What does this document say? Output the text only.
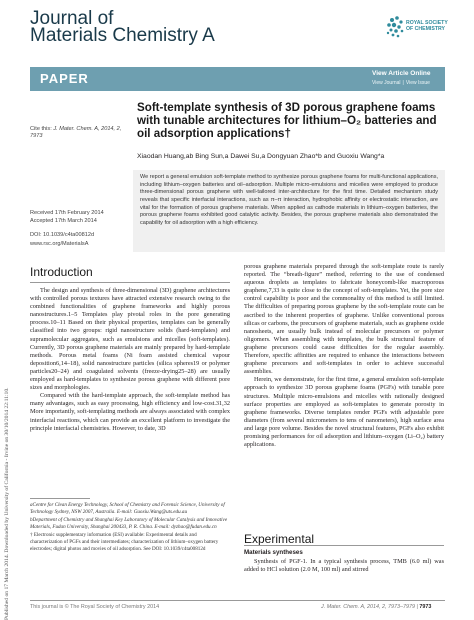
Published on 17 March 2014. Downloaded by University of California - Irvine on 30/10/2014 22:11:10.
Journal of
Materials Chemistry A
ROYAL SOCIETY
OF CHEMISTRY
PAPER	View Article Online
View Journal | View Issue
Soft-template synthesis of 3D porous graphene foams with tunable architectures for lithium–O₂ batteries and oil adsorption applications†
Xiaodan Huang,ab Bing Sun,a Dawei Su,a Dongyuan Zhao*b and Guoxiu Wang*a
Cite this: J. Mater. Chem. A, 2014, 2, 7973
Received 17th February 2014
Accepted 17th March 2014
DOI: 10.1039/c4ta00812d
www.rsc.org/MaterialsA
We report a general emulsion soft-template method to synthesize porous graphene foams for multi-functional applications, including lithium–oxygen batteries and oil–adsorption. Multiple micro-emulsions and micelles were employed to produce three-dimensional porous graphene with well-tailored inter-architecture for the first time. Detailed mechanism study reveals that specific interfacial interactions, such as π–π interaction, hydrophobic affinity or electrostatic interaction, are vital for the formation of porous graphene materials. When applied as cathode materials in lithium–oxygen batteries, the porous graphene foams exhibited good catalytic activity. Besides, the porous graphene materials also demonstrated the capability for oil adsorption with a high efficiency.
Introduction

The design and synthesis of three-dimensional (3D) graphene architectures with controlled porous textures have attracted extensive research owing to the combined functionalities of graphene frameworks and highly porous nanostructures.1–5 Templates play pivotal roles in the pore generating process.10–11 Based on their physical properties, templates can be generally classified into two groups: rigid nanostructure solids (hard-templates) and supramolecular aggregates, such as emulsions and micelles (soft-templates). Currently, 3D porous graphene materials are mainly prepared by hard-template methods. Porous metal foams (Ni foam assisted chemical vapour deposition6,14–18), solid nanostructure particles (silica spheres19 or polymer particles20–24) and coagulated solvents (freeze-drying25–28) are usually employed as hard-templates to synthesize porous graphene with different pore sizes and morphologies.

Compared with the hard-template approach, the soft-template method has many advantages, such as easy processing, high efficiency and low-cost.31,32 More importantly, soft-templating methods are always associated with complex interfacial reactions, which can provide an excellent platform to investigate the principle interfacial chemistries. However, to date, 3D

aCentre for Clean Energy Technology, School of Chemistry and Forensic Science, University of Technology Sydney, NSW 2007, Australia. E-mail: Guoxiu.Wang@uts.edu.au

bDepartment of Chemistry and Shanghai Key Laboratory of Molecular Catalysis and Innovative Materials, Fudan University, Shanghai 200433, P. R. China. E-mail: dyzhao@fudan.edu.cn

† Electronic supplementary information (ESI) available: Experimental details and characterization of PGFs and their intermediates; characterization of lithium–oxygen battery electrodes; digital photos and movies of oil adsorption. See DOI: 10.1039/c4ta00812d

porous graphene materials prepared through the soft-template route is rarely reported. The “breath-figure” method, referring to the use of condensed aqueous droplets as templates to fabricate honeycomb-like macroporous graphene,7,33 is quite close to the concept of soft-templates. Yet, the pore size control capability is poor and the commonality of this method is still limited. The difficulties of preparing porous graphene by the soft-template route can be ascribed to the inherent properties of graphene. Unlike conventional porous silicas or carbons, the precursors of graphene materials, such as graphene oxide nanosheets, are usually bulk instead of molecular precursors or polymer oligomers. When assembling with templates, the bulk structural feature of graphene precursors could cause difficulties for the regular assembly. Therefore, specific affinities are required to enhance the interactions between graphene precursors and soft-templates in order to achieve successful assemblies.

Herein, we demonstrate, for the first time, a general emulsion soft-template approach to synthesize 3D porous graphene foams (PGFs) with tunable pore structures. Multiple micro-emulsions and micelles with rationally designed surface properties are employed as soft-templates to generate porosity in graphene frameworks. Diverse templates render PGFs with adjustable pore diameters (from several micrometers to tens of nanometers), high surface area and large pore volume. Besides the novel structural features, PGFs also exhibit promising performances for oil adsorption and lithium–oxygen (Li–O₂) battery applications.

Experimental
Materials syntheses

Synthesis of PGF-1. In a typical synthesis process, TMB (6.0 ml) was added to HCl solution (2.0 M, 100 ml) and stirred

This journal is © The Royal Society of Chemistry 2014	J. Mater. Chem. A, 2014, 2, 7973–7979 | 7973
